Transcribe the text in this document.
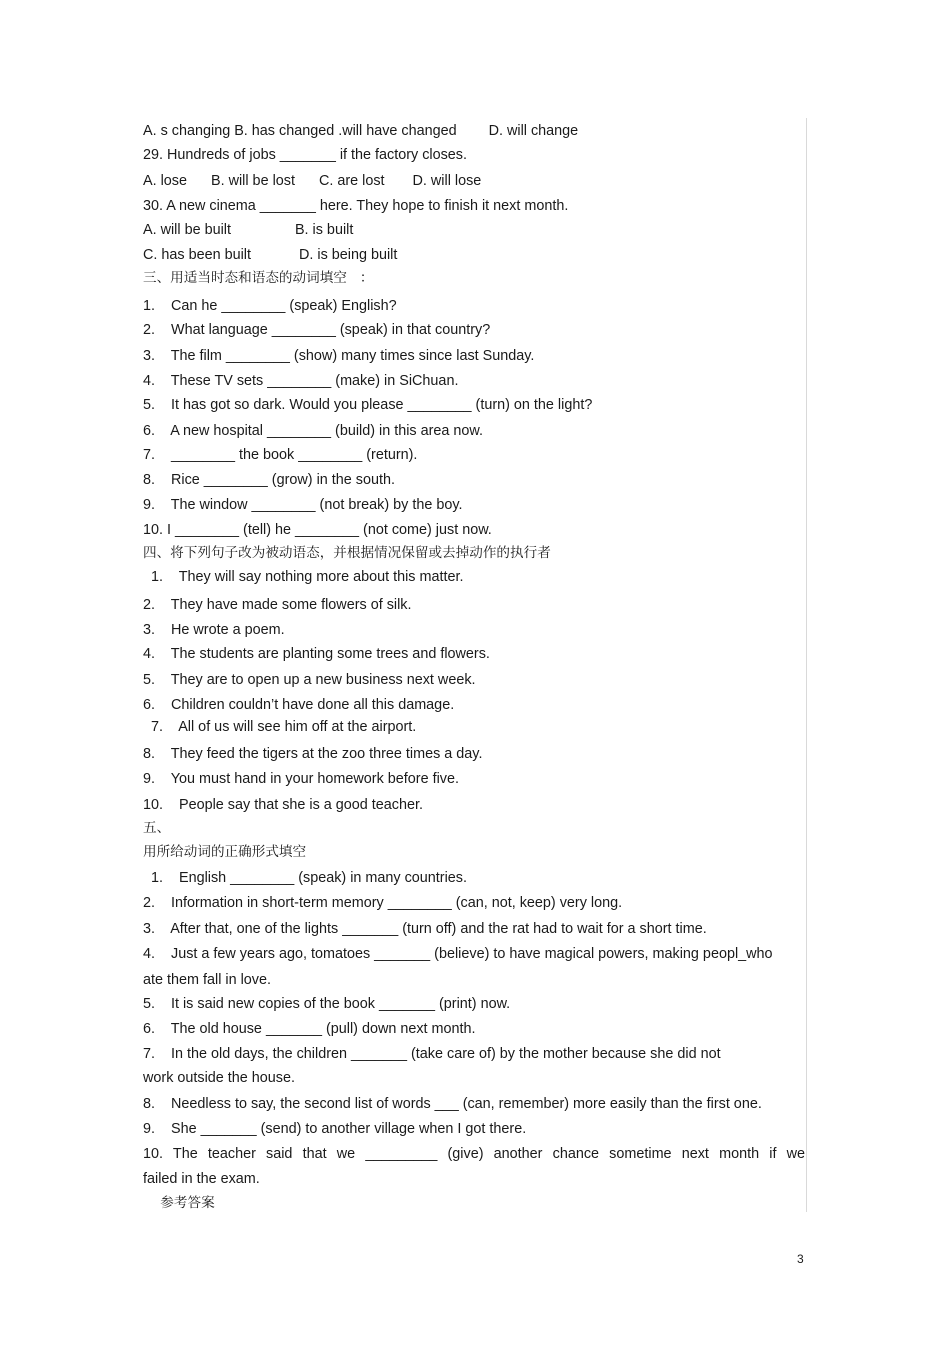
A. s changing B. has changed .will have changed        D. will change
29. Hundreds of jobs _______ if the factory closes.
A. lose      B. will be lost      C. are lost       D. will lose
30. A new cinema _______ here. They hope to finish it next month.
A. will be built                B. is built
C. has been built            D. is being built
三、用适当时态和语态的动词填空   ：
1.    Can he ________ (speak) English?
2.    What language ________ (speak) in that country?
3.    The film ________ (show) many times since last Sunday.
4.    These TV sets ________ (make) in SiChuan.
5.    It has got so dark. Would you please ________ (turn) on the light?
6.    A new hospital ________ (build) in this area now.
7.    ________ the book ________ (return).
8.    Rice ________ (grow) in the south.
9.    The window ________ (not break) by the boy.
10. I ________ (tell) he ________ (not come) just now.
四、将下列句子改为被动语态，并根据情况保留或去掉动作的执行者
1.    They will say nothing more about this matter.
2.    They have made some flowers of silk.
3.    He wrote a poem.
4.    The students are planting some trees and flowers.
5.    They are to open up a new business next week.
6.    Children couldn’t have done all this damage.
7.    All of us will see him off at the airport.
8.    They feed the tigers at the zoo three times a day.
9.    You must hand in your homework before five.
10.    People say that she is a good teacher.
五、
用所给动词的正确形式填空
1.    English ________ (speak) in many countries.
2.    Information in short-term memory ________ (can, not, keep) very long.
3.    After that, one of the lights _______ (turn off) and the rat had to wait for a short time.
4.    Just a few years ago, tomatoes _______ (believe) to have magical powers, making peopl_who
ate them fall in love.
5.    It is said new copies of the book _______ (print) now.
6.    The old house _______ (pull) down next month.
7.    In the old days, the children _______ (take care of) by the mother because she did not
work outside the house.
8.    Needless to say, the second list of words ___ (can, remember) more easily than the first one.
9.    She _______ (send) to another village when I got there.
10. The teacher said that we _________ (give) another chance sometime next month if we
failed in the exam.
参考答案
3
